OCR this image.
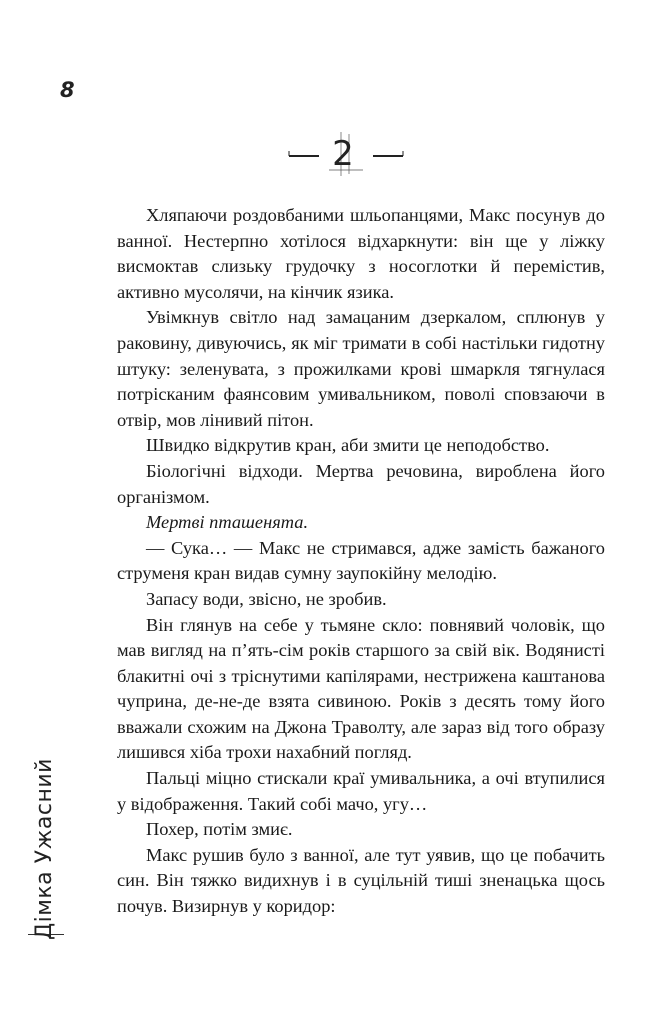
8
2

Хляпаючи роздовбаними шльопанцями, Макс посунув до ванної. Нестерпно хотілося відхаркнути: він ще у ліжку висмоктав слизьку грудочку з носоглотки й перемістив, активно мусолячи, на кінчик язика.

Увімкнув світло над замацаним дзеркалом, сплюнув у раковину, дивуючись, як міг тримати в собі настільки гидотну штуку: зеленувата, з прожилками крові шмаркля тягнулася потрісканим фаянсовим умивальником, поволі сповзаючи в отвір, мов лінивий пітон.

Швидко відкрутив кран, аби змити це неподобство.

Біологічні відходи. Мертва речовина, вироблена його організмом.

Мертві пташенята.

— Сука… — Макс не стримався, адже замість бажаного струменя кран видав сумну заупокійну мелодію.

Запасу води, звісно, не зробив.

Він глянув на себе у тьмяне скло: повнявий чоловік, що мав вигляд на п’ять-сім років старшого за свій вік. Водянисті блакитні очі з тріснутими капілярами, нестрижена каштанова чуприна, де-не-де взята сивиною. Років з десять тому його вважали схожим на Джона Траволту, але зараз від того образу лишився хіба трохи нахабний погляд.

Пальці міцно стискали краї умивальника, а очі втупилися у відображення. Такий собі мачо, угу…

Похер, потім змиє.

Макс рушив було з ванної, але тут уявив, що це побачить син. Він тяжко видихнув і в суцільній тиші зненацька щось почув. Визирнув у коридор:

Дімка Ужасний
